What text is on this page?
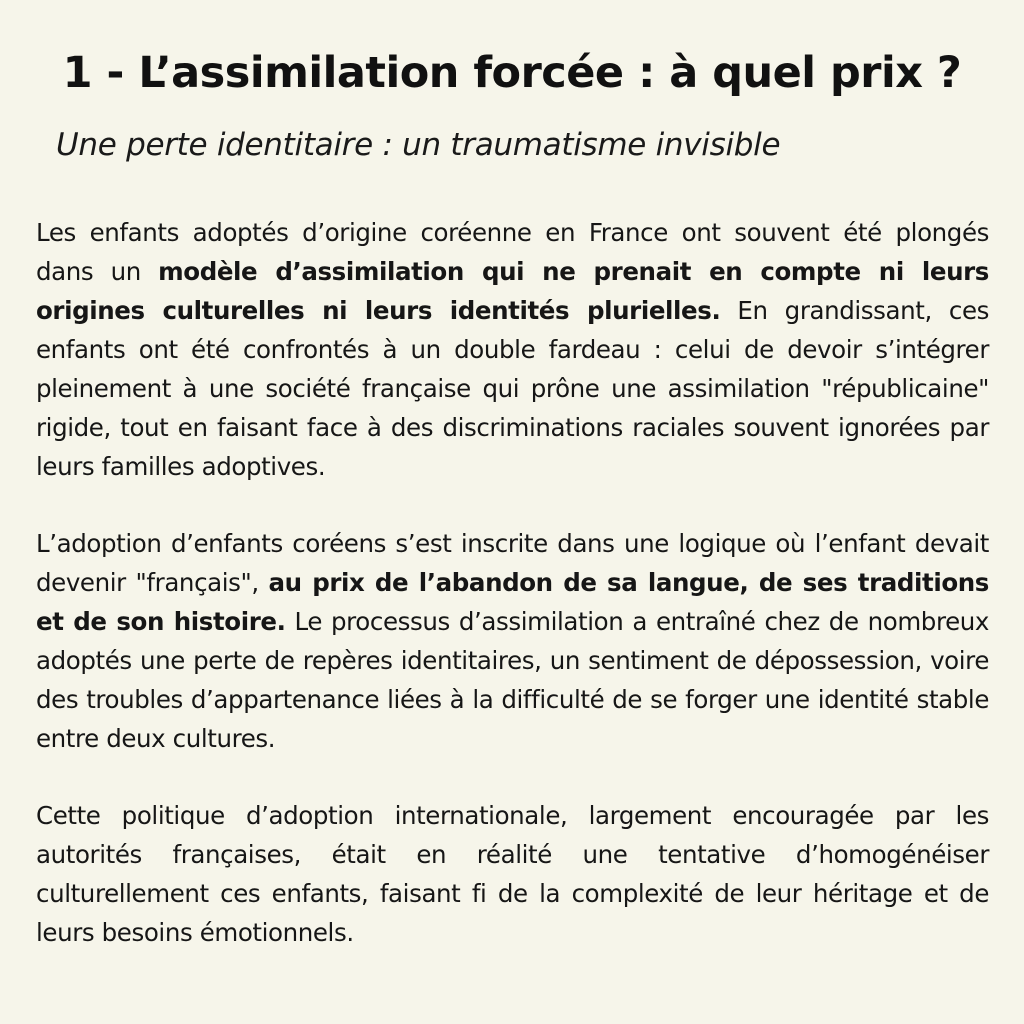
1 - L’assimilation forcée : à quel prix ?
Une perte identitaire : un traumatisme invisible

Les enfants adoptés d’origine coréenne en France ont souvent été plongés dans un modèle d’assimilation qui ne prenait en compte ni leurs origines culturelles ni leurs identités plurielles. En grandissant, ces enfants ont été confrontés à un double fardeau : celui de devoir s’intégrer pleinement à une société française qui prône une assimilation "républicaine" rigide, tout en faisant face à des discriminations raciales souvent ignorées par leurs familles adoptives.

L’adoption d’enfants coréens s’est inscrite dans une logique où l’enfant devait devenir "français", au prix de l’abandon de sa langue, de ses traditions et de son histoire. Le processus d’assimilation a entraîné chez de nombreux adoptés une perte de repères identitaires, un sentiment de dépossession, voire des troubles d’appartenance liées à la difficulté de se forger une identité stable entre deux cultures.

Cette politique d’adoption internationale, largement encouragée par les autorités françaises, était en réalité une tentative d’homogénéiser culturellement ces enfants, faisant fi de la complexité de leur héritage et de leurs besoins émotionnels.
